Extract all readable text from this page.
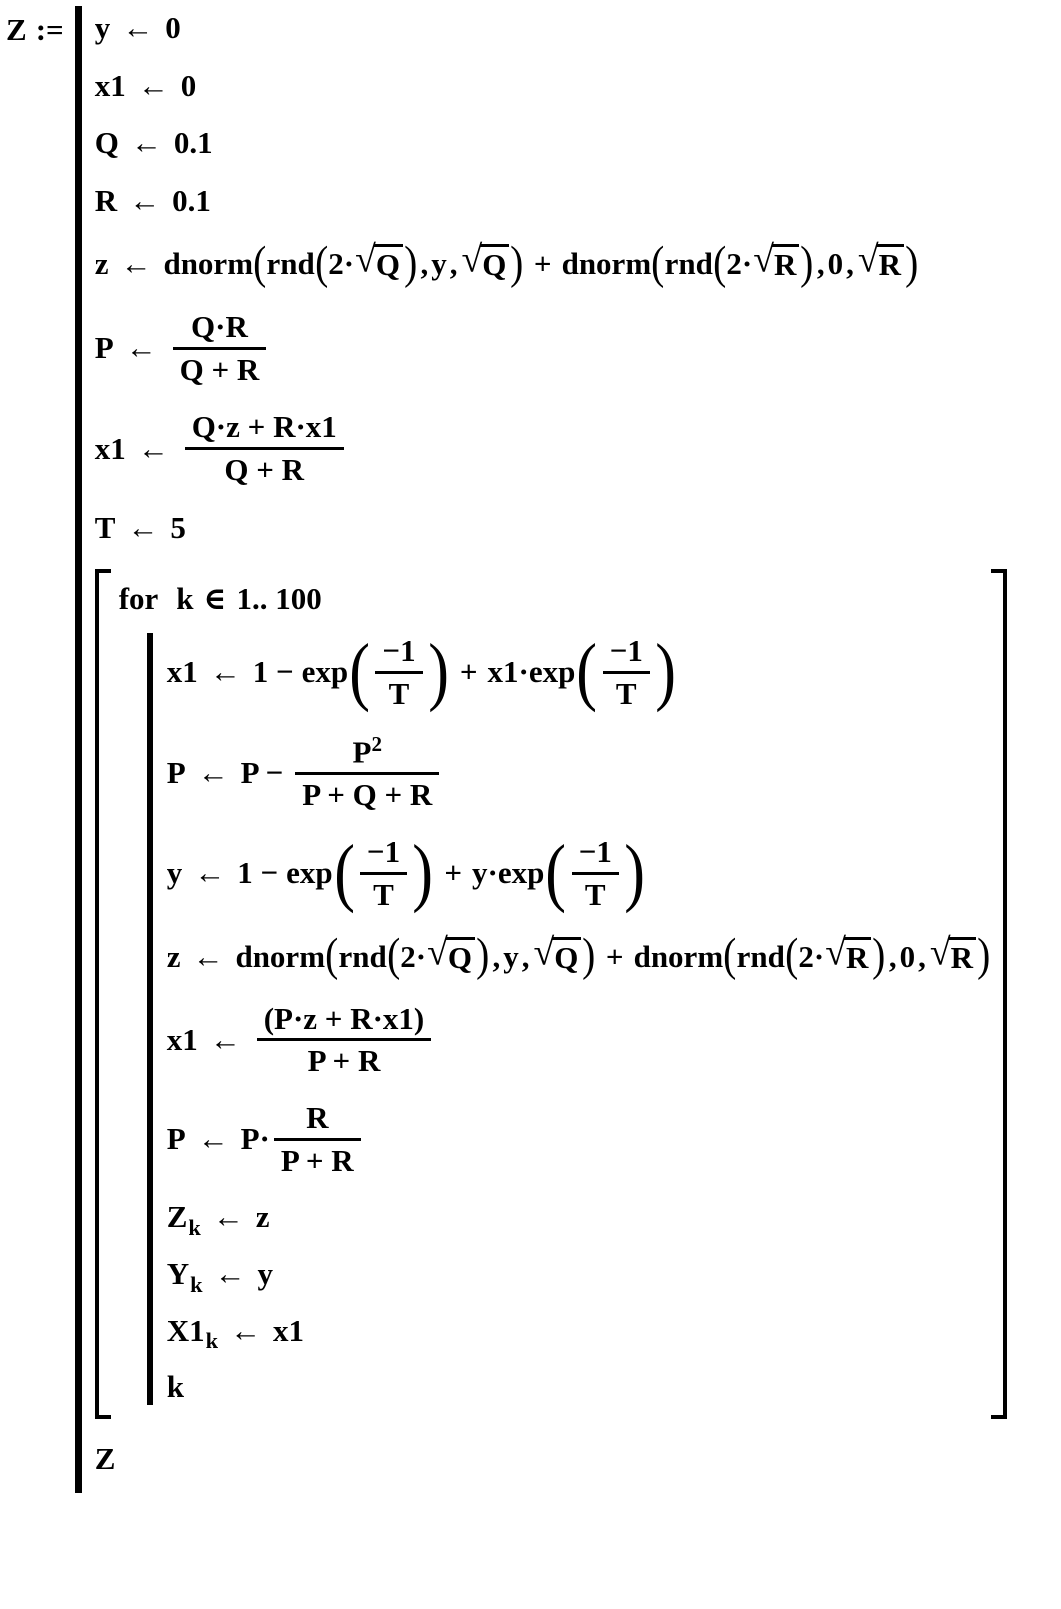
Z := y ← 0
x1 ← 0
Q ← 0.1
R ← 0.1
z ← dnorm ( rnd ( 2· √ Q ) , y , √ Q ) + dnorm ( rnd ( 2· √ R ) , 0 , √ R )
P ← $\frac{Q\cdot R}{Q + R}$
x1 ← $\frac{Q\cdot z + R\cdot x1}{Q + R}$
T ← 5
for k ∈ 1.. 100
x1 ← 1 − exp ( $\frac{-1}{T}$ ) + x1· exp ( $\frac{-1}{T}$ )
P ← $P - \frac{P^2}{P + Q + R}$
y ← 1 − exp ( $\frac{-1}{T}$ ) + y· exp ( $\frac{-1}{T}$ )
z ← dnorm ( rnd ( 2· √ Q ) , y , √ Q ) + dnorm ( rnd ( 2· √ R ) , 0 , √ R )
x1 ← $\frac{(P\cdot z + R\cdot x1)}{P + R}$
P ← $P\cdot \frac{R}{P + R}$
Z k ← z
Y k ← y
X1 k ← x1
k
Z
